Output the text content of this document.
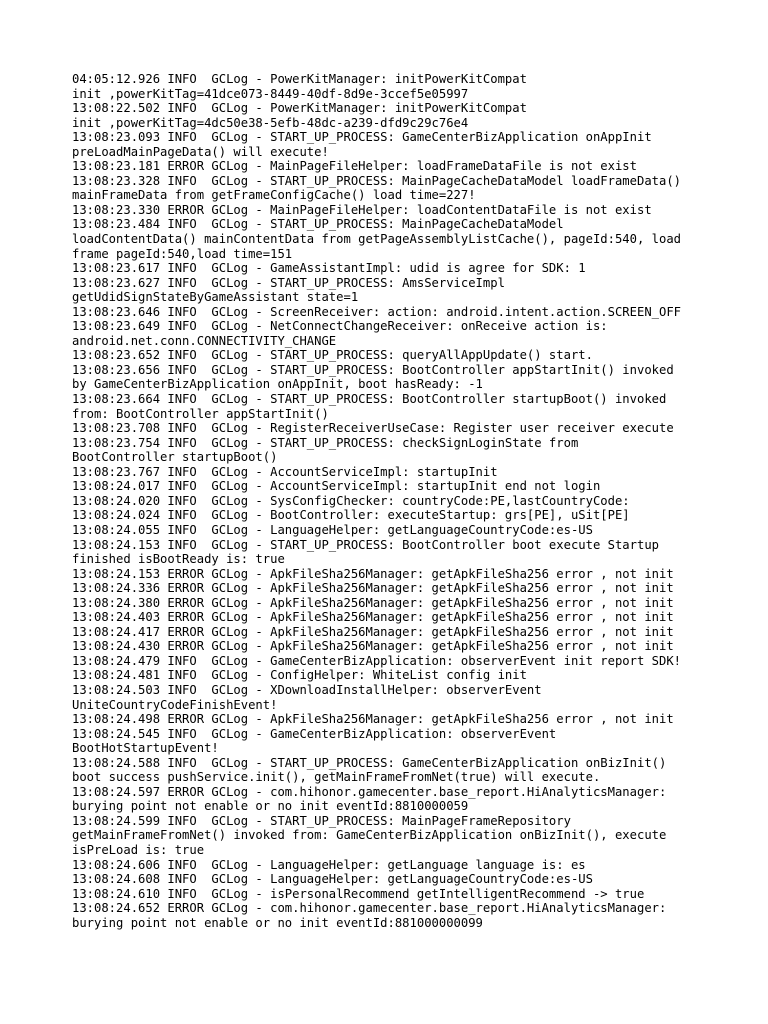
04:05:12.926 INFO  GCLog - PowerKitManager: initPowerKitCompat
init ,powerKitTag=41dce073-8449-40df-8d9e-3ccef5e05997
13:08:22.502 INFO  GCLog - PowerKitManager: initPowerKitCompat
init ,powerKitTag=4dc50e38-5efb-48dc-a239-dfd9c29c76e4
13:08:23.093 INFO  GCLog - START_UP_PROCESS: GameCenterBizApplication onAppInit
preLoadMainPageData() will execute!
13:08:23.181 ERROR GCLog - MainPageFileHelper: loadFrameDataFile is not exist
13:08:23.328 INFO  GCLog - START_UP_PROCESS: MainPageCacheDataModel loadFrameData()
mainFrameData from getFrameConfigCache() load time=227!
13:08:23.330 ERROR GCLog - MainPageFileHelper: loadContentDataFile is not exist
13:08:23.484 INFO  GCLog - START_UP_PROCESS: MainPageCacheDataModel
loadContentData() mainContentData from getPageAssemblyListCache(), pageId:540, load
frame pageId:540,load time=151
13:08:23.617 INFO  GCLog - GameAssistantImpl: udid is agree for SDK: 1
13:08:23.627 INFO  GCLog - START_UP_PROCESS: AmsServiceImpl
getUdidSignStateByGameAssistant state=1
13:08:23.646 INFO  GCLog - ScreenReceiver: action: android.intent.action.SCREEN_OFF
13:08:23.649 INFO  GCLog - NetConnectChangeReceiver: onReceive action is:
android.net.conn.CONNECTIVITY_CHANGE
13:08:23.652 INFO  GCLog - START_UP_PROCESS: queryAllAppUpdate() start.
13:08:23.656 INFO  GCLog - START_UP_PROCESS: BootController appStartInit() invoked
by GameCenterBizApplication onAppInit, boot hasReady: -1
13:08:23.664 INFO  GCLog - START_UP_PROCESS: BootController startupBoot() invoked
from: BootController appStartInit()
13:08:23.708 INFO  GCLog - RegisterReceiverUseCase: Register user receiver execute
13:08:23.754 INFO  GCLog - START_UP_PROCESS: checkSignLoginState from
BootController startupBoot()
13:08:23.767 INFO  GCLog - AccountServiceImpl: startupInit
13:08:24.017 INFO  GCLog - AccountServiceImpl: startupInit end not login
13:08:24.020 INFO  GCLog - SysConfigChecker: countryCode:PE,lastCountryCode:
13:08:24.024 INFO  GCLog - BootController: executeStartup: grs[PE], uSit[PE]
13:08:24.055 INFO  GCLog - LanguageHelper: getLanguageCountryCode:es-US
13:08:24.153 INFO  GCLog - START_UP_PROCESS: BootController boot execute Startup
finished isBootReady is: true
13:08:24.153 ERROR GCLog - ApkFileSha256Manager: getApkFileSha256 error , not init
13:08:24.336 ERROR GCLog - ApkFileSha256Manager: getApkFileSha256 error , not init
13:08:24.380 ERROR GCLog - ApkFileSha256Manager: getApkFileSha256 error , not init
13:08:24.403 ERROR GCLog - ApkFileSha256Manager: getApkFileSha256 error , not init
13:08:24.417 ERROR GCLog - ApkFileSha256Manager: getApkFileSha256 error , not init
13:08:24.430 ERROR GCLog - ApkFileSha256Manager: getApkFileSha256 error , not init
13:08:24.479 INFO  GCLog - GameCenterBizApplication: observerEvent init report SDK!
13:08:24.481 INFO  GCLog - ConfigHelper: WhiteList config init
13:08:24.503 INFO  GCLog - XDownloadInstallHelper: observerEvent
UniteCountryCodeFinishEvent!
13:08:24.498 ERROR GCLog - ApkFileSha256Manager: getApkFileSha256 error , not init
13:08:24.545 INFO  GCLog - GameCenterBizApplication: observerEvent
BootHotStartupEvent!
13:08:24.588 INFO  GCLog - START_UP_PROCESS: GameCenterBizApplication onBizInit()
boot success pushService.init(), getMainFrameFromNet(true) will execute.
13:08:24.597 ERROR GCLog - com.hihonor.gamecenter.base_report.HiAnalyticsManager:
burying point not enable or no init eventId:8810000059
13:08:24.599 INFO  GCLog - START_UP_PROCESS: MainPageFrameRepository
getMainFrameFromNet() invoked from: GameCenterBizApplication onBizInit(), execute
isPreLoad is: true
13:08:24.606 INFO  GCLog - LanguageHelper: getLanguage language is: es
13:08:24.608 INFO  GCLog - LanguageHelper: getLanguageCountryCode:es-US
13:08:24.610 INFO  GCLog - isPersonalRecommend getIntelligentRecommend -> true
13:08:24.652 ERROR GCLog - com.hihonor.gamecenter.base_report.HiAnalyticsManager:
burying point not enable or no init eventId:881000000099
